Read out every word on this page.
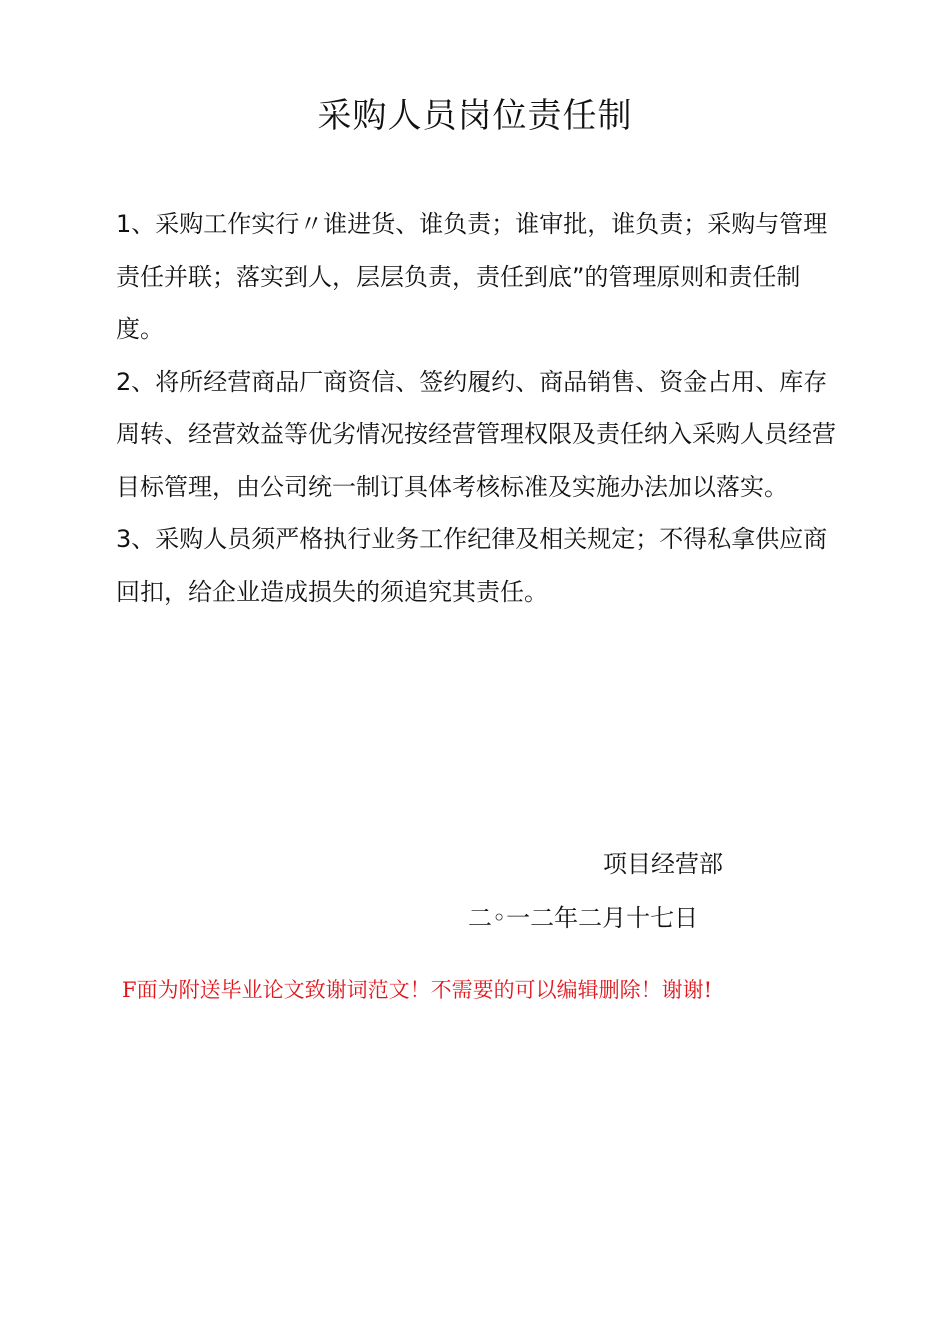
采购人员岗位责任制

1、采购工作实行〃谁进货、谁负责；谁审批，谁负责；采购与管理责任并联；落实到人，层层负责，责任到底”的管理原则和责任制度。

2、将所经营商品厂商资信、签约履约、商品销售、资金占用、库存周转、经营效益等优劣情况按经营管理权限及责任纳入采购人员经营目标管理，由公司统一制订具体考核标准及实施办法加以落实。

3、采购人员须严格执行业务工作纪律及相关规定；不得私拿供应商回扣，给企业造成损失的须追究其责任。

项目经营部
二◦一二年二月十七日
F面为附送毕业论文致谢词范文！不需要的可以编辑删除！谢谢!
